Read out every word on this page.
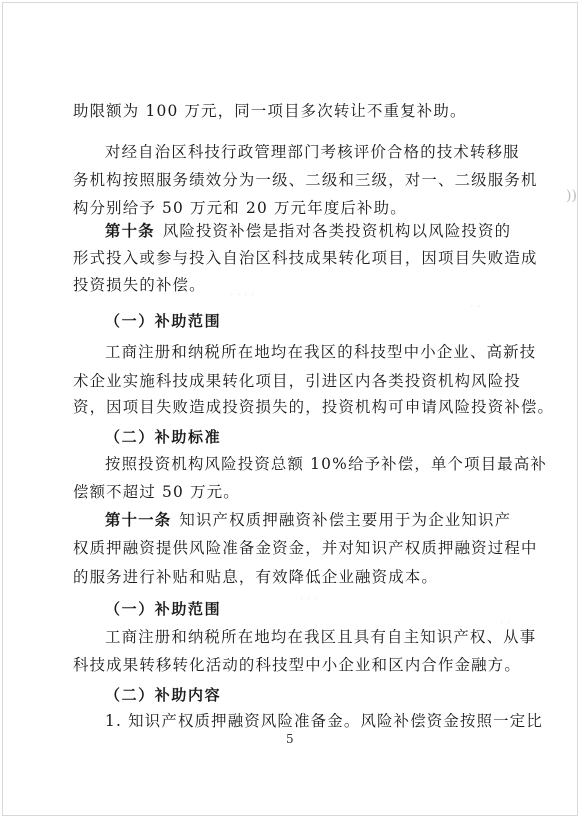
· · · ·
· ·
·
· · ·
· ·
))
助限额为 100 万元，同一项目多次转让不重复补助。
对经自治区科技行政管理部门考核评价合格的技术转移服
务机构按照服务绩效分为一级、二级和三级，对一、二级服务机
构分别给予 50 万元和 20 万元年度后补助。
第十条 风险投资补偿是指对各类投资机构以风险投资的
形式投入或参与投入自治区科技成果转化项目，因项目失败造成
投资损失的补偿。
（一）补助范围
工商注册和纳税所在地均在我区的科技型中小企业、高新技
术企业实施科技成果转化项目，引进区内各类投资机构风险投
资，因项目失败造成投资损失的，投资机构可申请风险投资补偿。
（二）补助标准
按照投资机构风险投资总额 10%给予补偿，单个项目最高补
偿额不超过 50 万元。
第十一条 知识产权质押融资补偿主要用于为企业知识产
权质押融资提供风险准备金资金，并对知识产权质押融资过程中
的服务进行补贴和贴息，有效降低企业融资成本。
（一）补助范围
工商注册和纳税所在地均在我区且具有自主知识产权、从事
科技成果转移转化活动的科技型中小企业和区内合作金融方。
（二）补助内容
1. 知识产权质押融资风险准备金。风险补偿资金按照一定比
5
